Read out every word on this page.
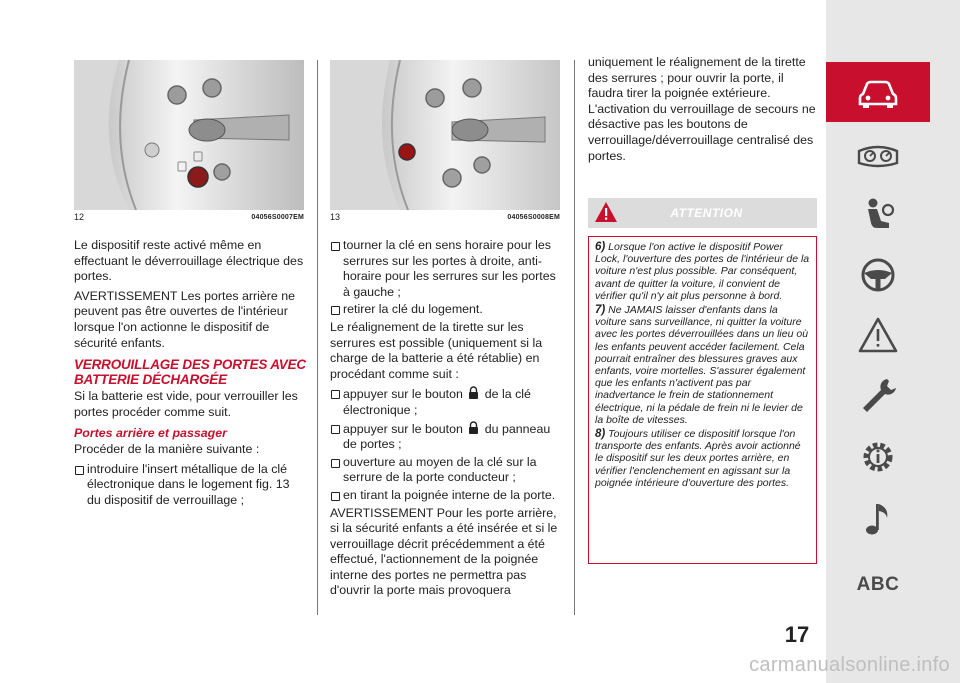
12	04056S0007EM	13	04056S0008EM

Le dispositif reste activé même en effectuant le déverrouillage électrique des portes.

AVERTISSEMENT Les portes arrière ne peuvent pas être ouvertes de l'intérieur lorsque l'on actionne le dispositif de sécurité enfants.

VERROUILLAGE DES PORTES AVEC BATTERIE DÉCHARGÉE

Si la batterie est vide, pour verrouiller les portes procéder comme suit.

Portes arrière et passager

Procéder de la manière suivante :

introduire l'insert métallique de la clé électronique dans le logement fig. 13 du dispositif de verrouillage ;
tourner la clé en sens horaire pour les serrures sur les portes à droite, anti-horaire pour les serrures sur les portes à gauche ;
retirer la clé du logement.

Le réalignement de la tirette sur les serrures est possible (uniquement si la charge de la batterie a été rétablie) en procédant comme suit :

appuyer sur le bouton de la clé électronique ;
appuyer sur le bouton du panneau de portes ;
ouverture au moyen de la clé sur la serrure de la porte conducteur ;
en tirant la poignée interne de la porte.

AVERTISSEMENT Pour les porte arrière, si la sécurité enfants a été insérée et si le verrouillage décrit précédemment a été effectué, l'actionnement de la poignée interne des portes ne permettra pas d'ouvrir la porte mais provoquera

uniquement le réalignement de la tirette des serrures ; pour ouvrir la porte, il faudra tirer la poignée extérieure. L'activation du verrouillage de secours ne désactive pas les boutons de verrouillage/déverrouillage centralisé des portes.

ATTENTION

6) Lorsque l'on active le dispositif Power Lock, l'ouverture des portes de l'intérieur de la voiture n'est plus possible. Par conséquent, avant de quitter la voiture, il convient de vérifier qu'il n'y ait plus personne à bord.

7) Ne JAMAIS laisser d'enfants dans la voiture sans surveillance, ni quitter la voiture avec les portes déverrouillées dans un lieu où les enfants peuvent accéder facilement. Cela pourrait entraîner des blessures graves aux enfants, voire mortelles. S'assurer également que les enfants n'activent pas par inadvertance le frein de stationnement électrique, ni la pédale de frein ni le levier de la boîte de vitesses.

8) Toujours utiliser ce dispositif lorsque l'on transporte des enfants. Après avoir actionné le dispositif sur les deux portes arrière, en vérifier l'enclenchement en agissant sur la poignée intérieure d'ouverture des portes.

ABC
17
carmanualsonline.info
